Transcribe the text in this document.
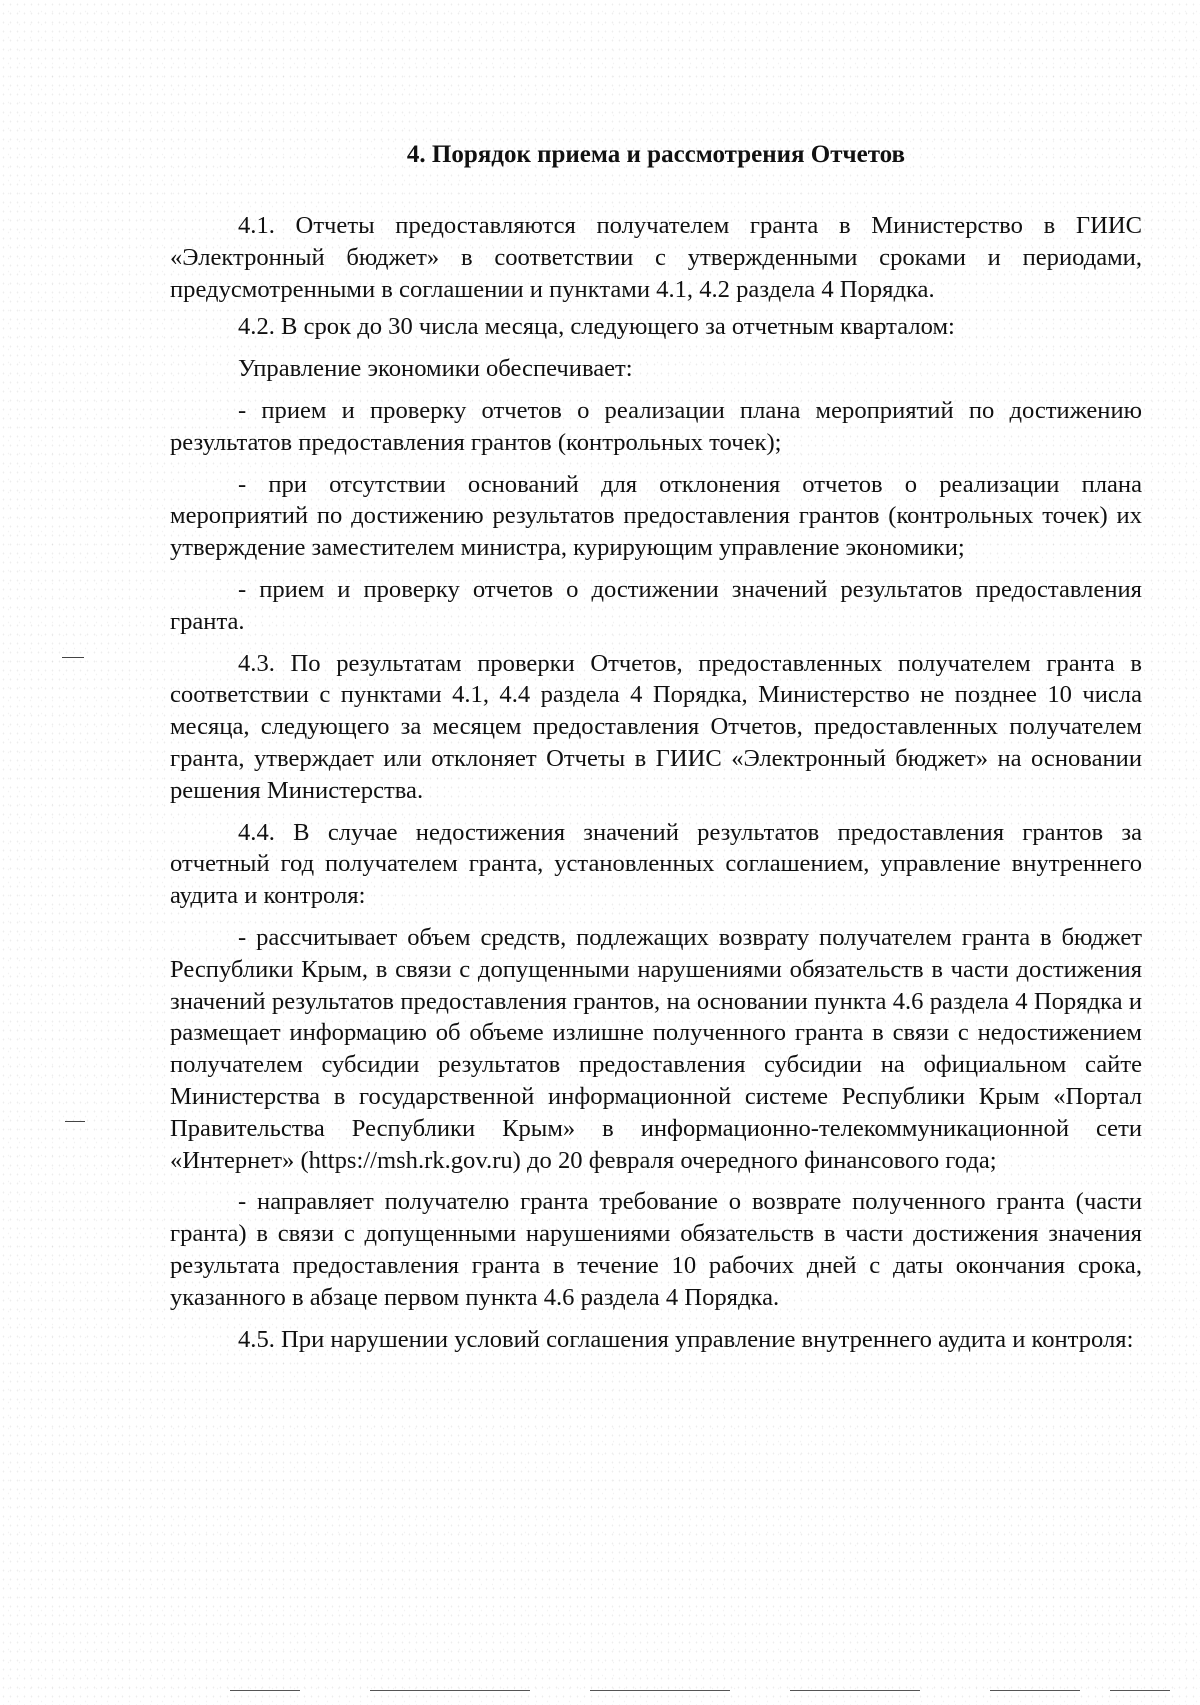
4. Порядок приема и рассмотрения Отчетов

4.1. Отчеты предоставляются получателем гранта в Министерство в ГИИС «Электронный бюджет» в соответствии с утвержденными сроками и периодами, предусмотренными в соглашении и пунктами 4.1, 4.2 раздела 4 Порядка.

4.2. В срок до 30 числа месяца, следующего за отчетным кварталом:

Управление экономики обеспечивает:

- прием и проверку отчетов о реализации плана мероприятий по достижению результатов предоставления грантов (контрольных точек);

- при отсутствии оснований для отклонения отчетов о реализации плана мероприятий по достижению результатов предоставления грантов (контрольных точек) их утверждение заместителем министра, курирующим управление экономики;

- прием и проверку отчетов о достижении значений результатов предоставления гранта.

4.3. По результатам проверки Отчетов, предоставленных получателем гранта в соответствии с пунктами 4.1, 4.4 раздела 4 Порядка, Министерство не позднее 10 числа месяца, следующего за месяцем предоставления Отчетов, предоставленных получателем гранта, утверждает или отклоняет Отчеты в ГИИС «Электронный бюджет» на основании решения Министерства.

4.4. В случае недостижения значений результатов предоставления грантов за отчетный год получателем гранта, установленных соглашением, управление внутреннего аудита и контроля:

- рассчитывает объем средств, подлежащих возврату получателем гранта в бюджет Республики Крым, в связи с допущенными нарушениями обязательств в части достижения значений результатов предоставления грантов, на основании пункта 4.6 раздела 4 Порядка и размещает информацию об объеме излишне полученного гранта в связи с недостижением получателем субсидии результатов предоставления субсидии на официальном сайте Министерства в государственной информационной системе Республики Крым «Портал Правительства Республики Крым» в информационно-телекоммуникационной сети «Интернет» (https://msh.rk.gov.ru) до 20 февраля очередного финансового года;

- направляет получателю гранта требование о возврате полученного гранта (части гранта) в связи с допущенными нарушениями обязательств в части достижения значения результата предоставления гранта в течение 10 рабочих дней с даты окончания срока, указанного в абзаце первом пункта 4.6 раздела 4 Порядка.

4.5. При нарушении условий соглашения управление внутреннего аудита и контроля:
